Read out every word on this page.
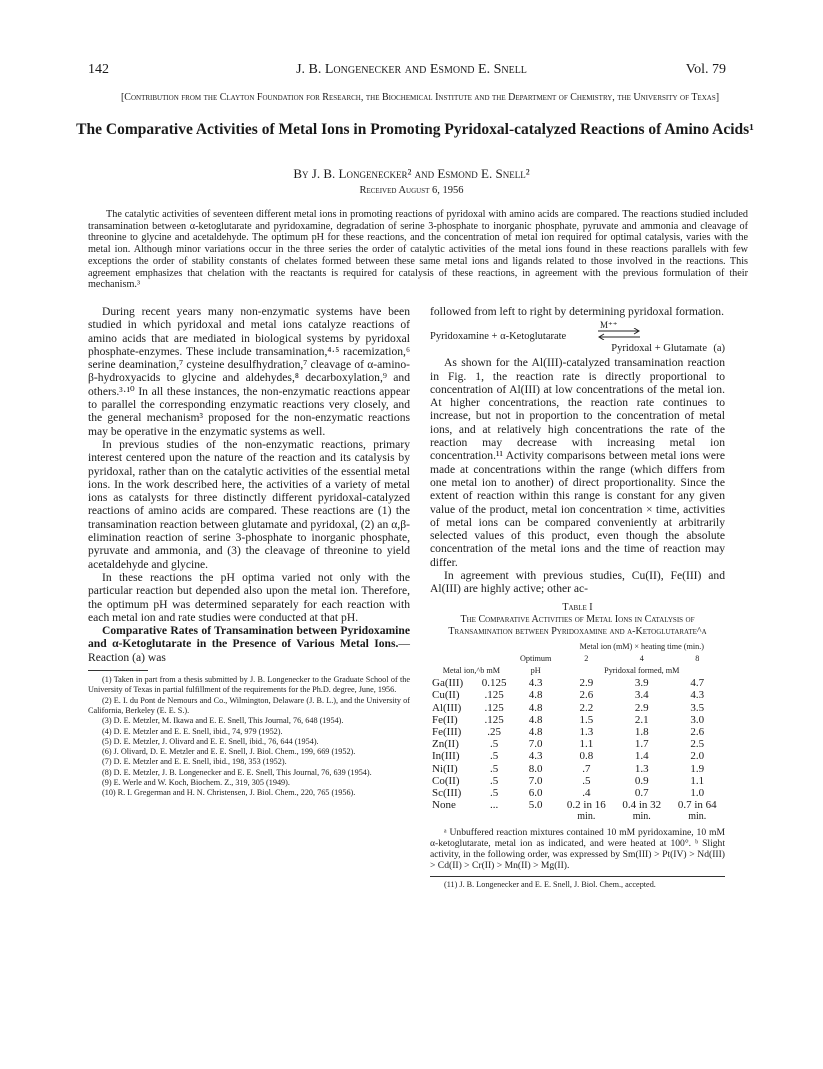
142	J. B. Longenecker and Esmond E. Snell	Vol. 79
[Contribution from the Clayton Foundation for Research, the Biochemical Institute and the Department of Chemistry, the University of Texas]
The Comparative Activities of Metal Ions in Promoting Pyridoxal-catalyzed Reactions of Amino Acids¹
By J. B. Longenecker² and Esmond E. Snell²
Received August 6, 1956

The catalytic activities of seventeen different metal ions in promoting reactions of pyridoxal with amino acids are compared. The reactions studied included transamination between α-ketoglutarate and pyridoxamine, degradation of serine 3-phosphate to inorganic phosphate, pyruvate and ammonia and cleavage of threonine to glycine and acetaldehyde. The optimum pH for these reactions, and the concentration of metal ion required for optimal catalysis, varies with the metal ion. Although minor variations occur in the three series the order of catalytic activities of the metal ions found in these reactions parallels with few exceptions the order of stability constants of chelates formed between these same metal ions and ligands related to those involved in the reactions. This agreement emphasizes that chelation with the reactants is required for catalysis of these reactions, in agreement with the previous formulation of their mechanism.³

During recent years many non-enzymatic systems have been studied in which pyridoxal and metal ions catalyze reactions of amino acids that are mediated in biological systems by pyridoxal phosphate-enzymes. These include transamination,⁴·⁵ racemization,⁶ serine deamination,⁷ cysteine desulfhydration,⁷ cleavage of α-amino-β-hydroxyacids to glycine and aldehydes,⁸ decarboxylation,⁹ and others.³·¹⁰ In all these instances, the non-enzymatic reactions appear to parallel the corresponding enzymatic reactions very closely, and the general mechanism³ proposed for the non-enzymatic reactions may be operative in the enzymatic systems as well.

In previous studies of the non-enzymatic reactions, primary interest centered upon the nature of the reaction and its catalysis by pyridoxal, rather than on the catalytic activities of the essential metal ions. In the work described here, the activities of a variety of metal ions as catalysts for three distinctly different pyridoxal-catalyzed reactions of amino acids are compared. These reactions are (1) the transamination reaction between glutamate and pyridoxal, (2) an α,β-elimination reaction of serine 3-phosphate to inorganic phosphate, pyruvate and ammonia, and (3) the cleavage of threonine to yield acetaldehyde and glycine.

In these reactions the pH optima varied not only with the particular reaction but depended also upon the metal ion. Therefore, the optimum pH was determined separately for each reaction with each metal ion and rate studies were conducted at that pH.

Comparative Rates of Transamination between Pyridoxamine and α-Ketoglutarate in the Presence of Various Metal Ions.—Reaction (a) was

(1) Taken in part from a thesis submitted by J. B. Longenecker to the Graduate School of the University of Texas in partial fulfillment of the requirements for the Ph.D. degree, June, 1956.

(2) E. I. du Pont de Nemours and Co., Wilmington, Delaware (J. B. L.), and the University of California, Berkeley (E. E. S.).

(3) D. E. Metzler, M. Ikawa and E. E. Snell, This Journal, 76, 648 (1954).

(4) D. E. Metzler and E. E. Snell, ibid., 74, 979 (1952).

(5) D. E. Metzler, J. Olivard and E. E. Snell, ibid., 76, 644 (1954).

(6) J. Olivard, D. E. Metzler and E. E. Snell, J. Biol. Chem., 199, 669 (1952).

(7) D. E. Metzler and E. E. Snell, ibid., 198, 353 (1952).

(8) D. E. Metzler, J. B. Longenecker and E. E. Snell, This Journal, 76, 639 (1954).

(9) E. Werle and W. Koch, Biochem. Z., 319, 305 (1949).

(10) R. I. Gregerman and H. N. Christensen, J. Biol. Chem., 220, 765 (1956).

followed from left to right by determining pyridoxal formation.

M⁺⁺
Pyridoxamine + α-Ketoglutarate
Pyridoxal + Glutamate (a)

As shown for the Al(III)-catalyzed transamination reaction in Fig. 1, the reaction rate is directly proportional to concentration of Al(III) at low concentrations of the metal ion. At higher concentrations, the reaction rate continues to increase, but not in proportion to the concentration of metal ions, and at relatively high concentrations the rate of the reaction may decrease with increasing metal ion concentration.¹¹ Activity comparisons between metal ions were made at concentrations within the range (which differs from one metal ion to another) of direct proportionality. Since the extent of reaction within this range is constant for any given value of the product, metal ion concentration × time, activities of metal ions can be compared conveniently at arbitrarily selected values of this product, even though the absolute concentration of the metal ions and the time of reaction may differ.

In agreement with previous studies, Cu(II), Fe(III) and Al(III) are highly active; other ac-

Table I
The Comparative Activities of Metal Ions in Catalysis of Transamination between Pyridoxamine and α-Ketoglutarate^a
			Metal ion (mM) × heating time (min.)		
		Optimum	2	4	8
Metal ion,^b mM		pH	Pyridoxal formed, mM		
Ga(III)	0.125	4.3	2.9	3.9	4.7
Cu(II)	.125	4.8	2.6	3.4	4.3
Al(III)	.125	4.8	2.2	2.9	3.5
Fe(II)	.125	4.8	1.5	2.1	3.0
Fe(III)	.25	4.8	1.3	1.8	2.6
Zn(II)	.5	7.0	1.1	1.7	2.5
In(III)	.5	4.3	0.8	1.4	2.0
Ni(II)	.5	8.0	.7	1.3	1.9
Co(II)	.5	7.0	.5	0.9	1.1
Sc(III)	.5	6.0	.4	0.7	1.0
None	...	5.0	0.2 in 16	0.4 in 32	0.7 in 64
			min.	min.	min.

ᵃ Unbuffered reaction mixtures contained 10 mM pyridoxamine, 10 mM α-ketoglutarate, metal ion as indicated, and were heated at 100°. ᵇ Slight activity, in the following order, was expressed by Sm(III) > Pt(IV) > Nd(III) > Cd(II) > Cr(II) > Mn(II) > Mg(II).

(11) J. B. Longenecker and E. E. Snell, J. Biol. Chem., accepted.
